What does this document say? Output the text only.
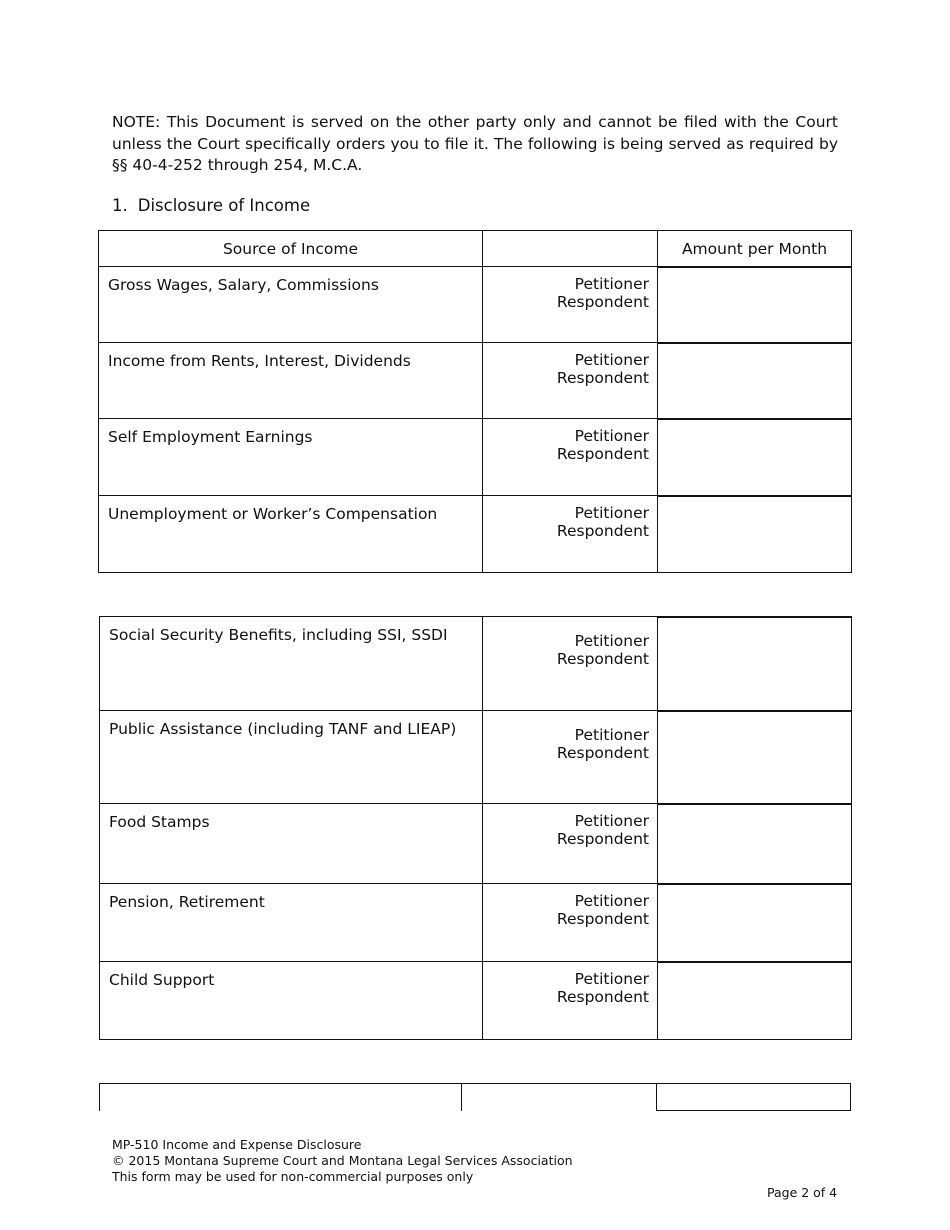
NOTE: This Document is served on the other party only and cannot be filed with the Court unless the Court specifically orders you to file it. The following is being served as required by §§ 40-4-252 through 254, M.C.A.
1. Disclosure of Income
Source of Income		Amount per Month
Gross Wages, Salary, Commissions	Petitioner
Respondent	

Income from Rents, Interest, Dividends	Petitioner
Respondent	

Self Employment Earnings	Petitioner
Respondent	

Unemployment or Worker’s Compensation	Petitioner
Respondent	

Social Security Benefits, including SSI, SSDI	Petitioner
Respondent	

Public Assistance (including TANF and LIEAP)	Petitioner
Respondent	

Food Stamps	Petitioner
Respondent	

Pension, Retirement	Petitioner
Respondent	

Child Support	Petitioner
Respondent	

MP-510 Income and Expense Disclosure
© 2015 Montana Supreme Court and Montana Legal Services Association
This form may be used for non-commercial purposes only
Page 2 of 4
